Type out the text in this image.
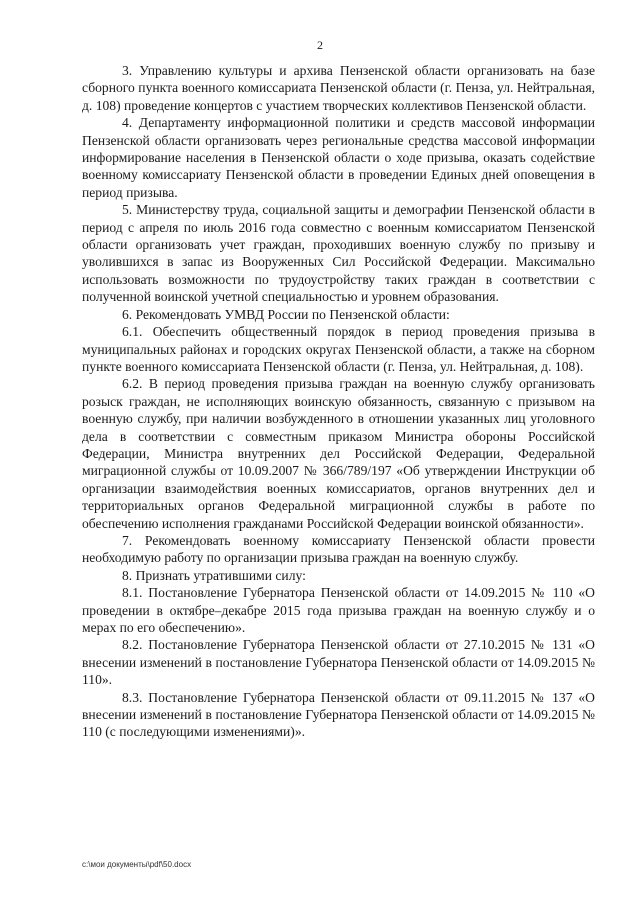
2

3. Управлению культуры и архива Пензенской области организовать на базе сборного пункта военного комиссариата Пензенской области (г. Пенза, ул. Нейтральная, д. 108) проведение концертов с участием творческих коллективов Пензенской области.

4. Департаменту информационной политики и средств массовой информации Пензенской области организовать через региональные средства массовой информации информирование населения в Пензенской области о ходе призыва, оказать содействие военному комиссариату Пензенской области в проведении Единых дней оповещения в период призыва.

5. Министерству труда, социальной защиты и демографии Пензенской области в период с апреля по июль 2016 года совместно с военным комиссариатом Пензенской области организовать учет граждан, проходивших военную службу по призыву и уволившихся в запас из Вооруженных Сил Российской Федерации. Максимально использовать возможности по трудоустройству таких граждан в соответствии с полученной воинской учетной специальностью и уровнем образования.

6. Рекомендовать УМВД России по Пензенской области:

6.1. Обеспечить общественный порядок в период проведения призыва в муниципальных районах и городских округах Пензенской области, а также на сборном пункте военного комиссариата Пензенской области (г. Пенза, ул. Нейтральная, д. 108).

6.2. В период проведения призыва граждан на военную службу организовать розыск граждан, не исполняющих воинскую обязанность, связанную с призывом на военную службу, при наличии возбужденного в отношении указанных лиц уголовного дела в соответствии с совместным приказом Министра обороны Российской Федерации, Министра внутренних дел Российской Федерации, Федеральной миграционной службы от 10.09.2007 № 366/789/197 «Об утверждении Инструкции об организации взаимодействия военных комиссариатов, органов внутренних дел и территориальных органов Федеральной миграционной службы в работе по обеспечению исполнения гражданами Российской Федерации воинской обязанности».

7. Рекомендовать военному комиссариату Пензенской области провести необходимую работу по организации призыва граждан на военную службу.

8. Признать утратившими силу:

8.1. Постановление Губернатора Пензенской области от 14.09.2015 № 110 «О проведении в октябре–декабре 2015 года призыва граждан на военную службу и о мерах по его обеспечению».

8.2. Постановление Губернатора Пензенской области от 27.10.2015 № 131 «О внесении изменений в постановление Губернатора Пензенской области от 14.09.2015 № 110».

8.3. Постановление Губернатора Пензенской области от 09.11.2015 № 137 «О внесении изменений в постановление Губернатора Пензенской области от 14.09.2015 № 110 (с последующими изменениями)».

c:\мои документы\pdf\50.docx
